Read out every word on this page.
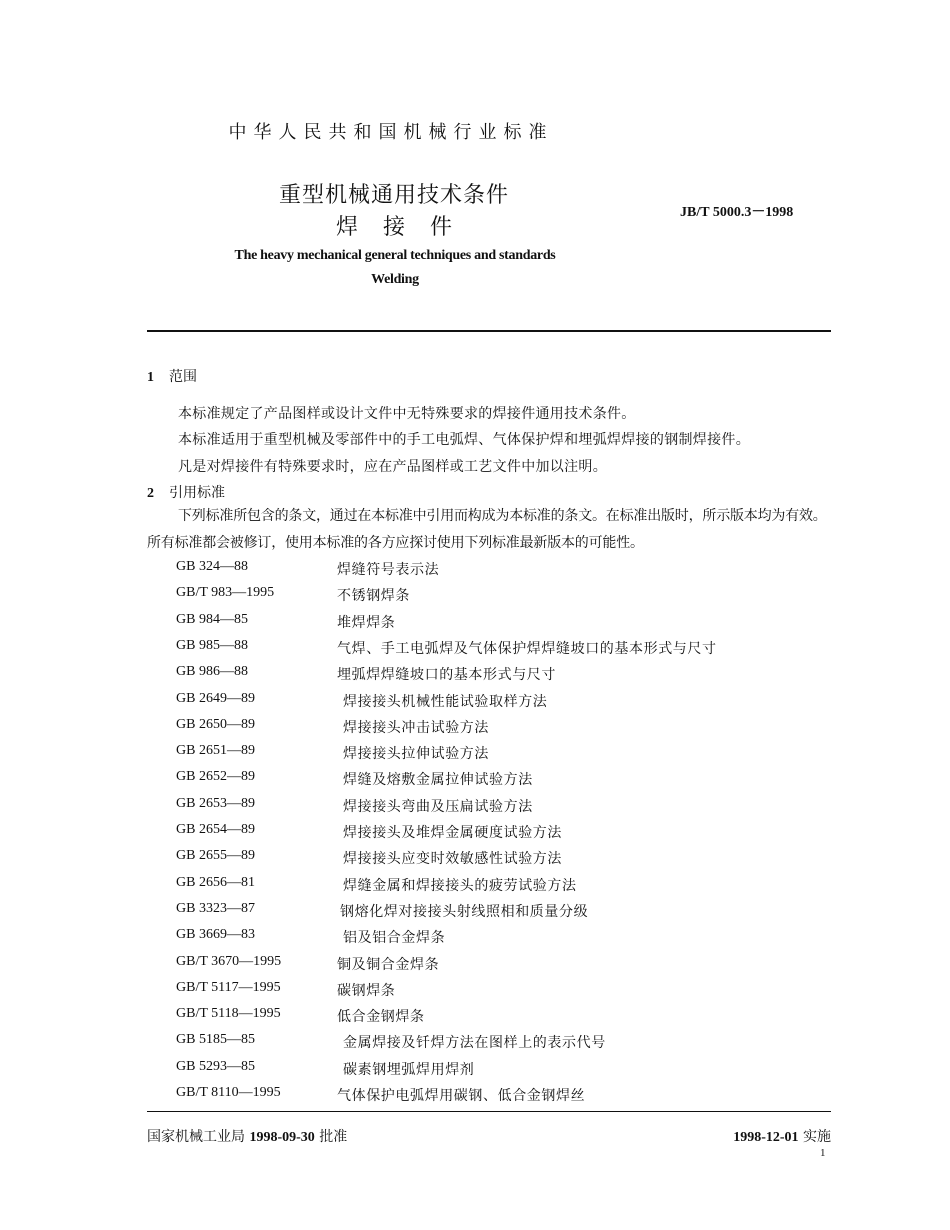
中华人民共和国机械行业标准
重型机械通用技术条件
焊 接 件
JB/T 5000.3－1998
The heavy mechanical general techniques and standards
Welding
1 范围
本标准规定了产品图样或设计文件中无特殊要求的焊接件通用技术条件。
本标准适用于重型机械及零部件中的手工电弧焊、气体保护焊和埋弧焊焊接的钢制焊接件。
凡是对焊接件有特殊要求时，应在产品图样或工艺文件中加以注明。
2 引用标准
下列标准所包含的条文，通过在本标准中引用而构成为本标准的条文。在标准出版时，所示版本均为有效。所有标准都会被修订，使用本标准的各方应探讨使用下列标准最新版本的可能性。
GB 324—88	焊缝符号表示法
GB/T 983—1995	不锈钢焊条
GB 984—85	堆焊焊条
GB 985—88	气焊、手工电弧焊及气体保护焊焊缝坡口的基本形式与尺寸
GB 986—88	埋弧焊焊缝坡口的基本形式与尺寸
GB 2649—89	焊接接头机械性能试验取样方法
GB 2650—89	焊接接头冲击试验方法
GB 2651—89	焊接接头拉伸试验方法
GB 2652—89	焊缝及熔敷金属拉伸试验方法
GB 2653—89	焊接接头弯曲及压扁试验方法
GB 2654—89	焊接接头及堆焊金属硬度试验方法
GB 2655—89	焊接接头应变时效敏感性试验方法
GB 2656—81	焊缝金属和焊接接头的疲劳试验方法
GB 3323—87	钢熔化焊对接接头射线照相和质量分级
GB 3669—83	铝及铝合金焊条
GB/T 3670—1995	铜及铜合金焊条
GB/T 5117—1995	碳钢焊条
GB/T 5118—1995	低合金钢焊条
GB 5185—85	金属焊接及钎焊方法在图样上的表示代号
GB 5293—85	碳素钢埋弧焊用焊剂
GB/T 8110—1995	气体保护电弧焊用碳钢、低合金钢焊丝
国家机械工业局 1998-09-30 批准	1998-12-01 实施
1
